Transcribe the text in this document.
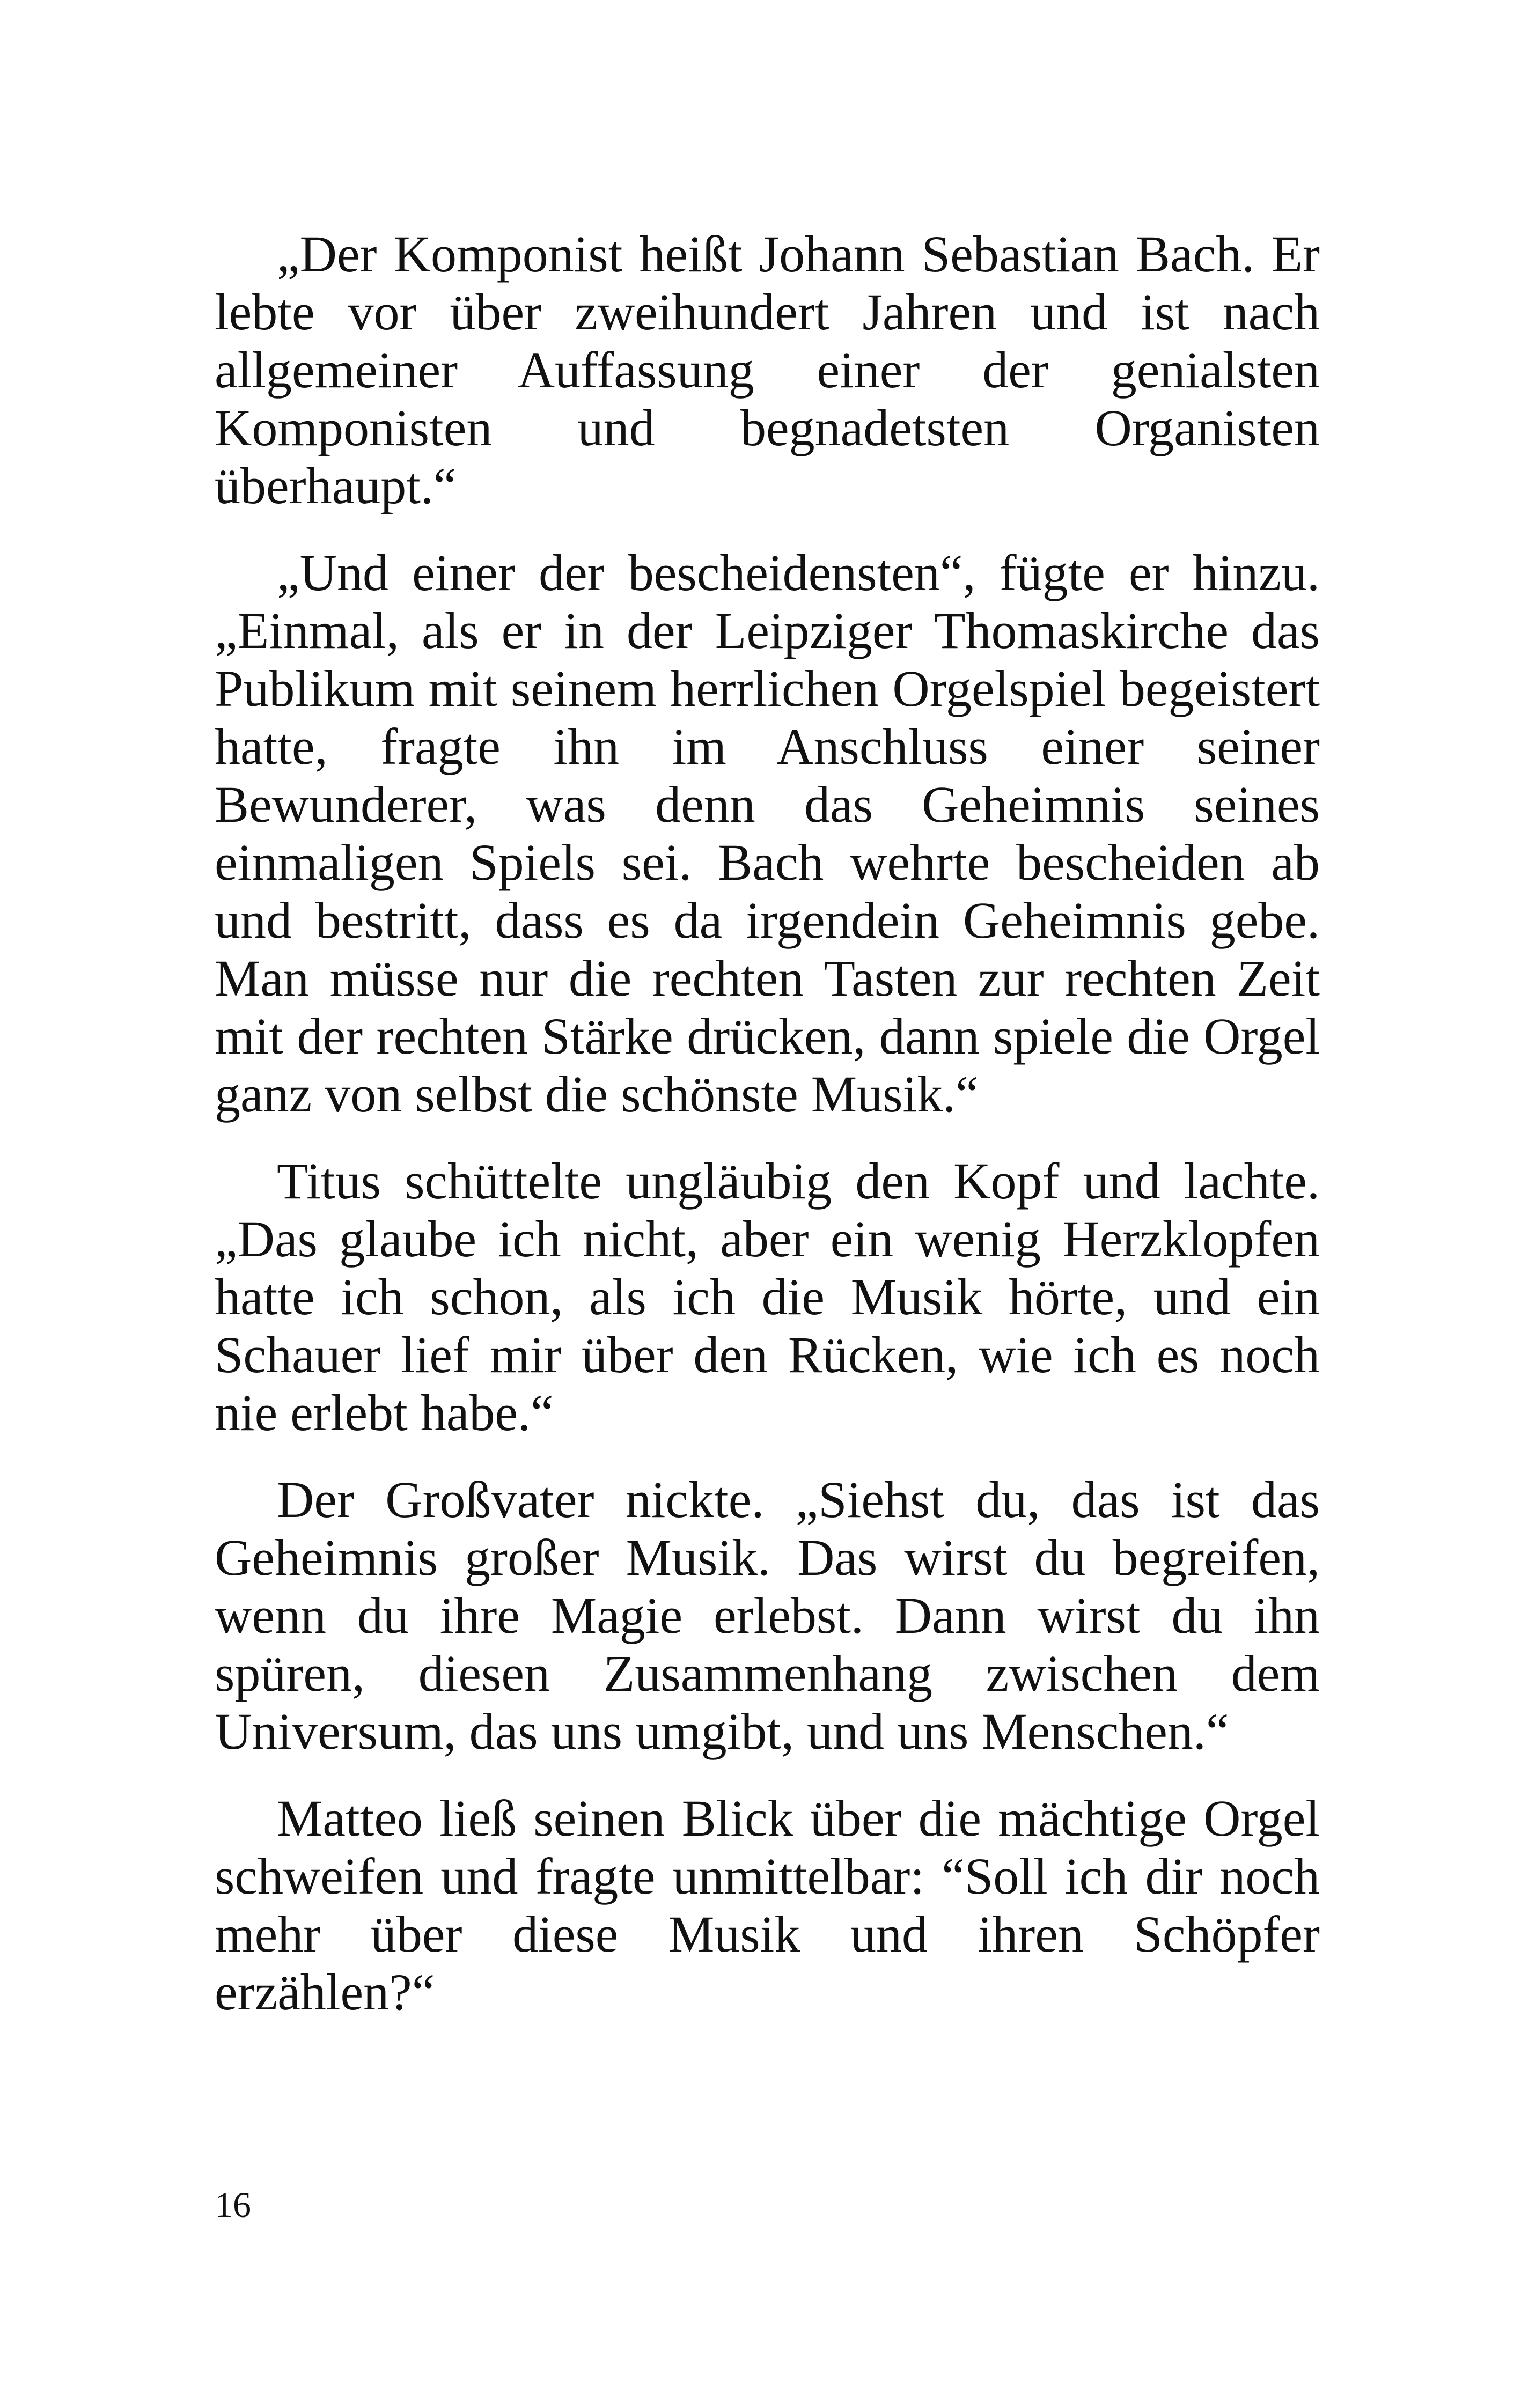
„Der Komponist heißt Johann Sebastian Bach. Er lebte vor über zweihundert Jahren und ist nach allgemeiner Auffassung einer der genialsten Komponisten und begnadetsten Organisten überhaupt.“

„Und einer der bescheidensten“, fügte er hinzu. „Einmal, als er in der Leipziger Thomaskirche das Publikum mit seinem herrlichen Orgelspiel begeistert hatte, fragte ihn im Anschluss einer seiner Bewunderer, was denn das Geheimnis seines einmaligen Spiels sei. Bach wehrte bescheiden ab und bestritt, dass es da irgendein Geheimnis gebe. Man müsse nur die rechten Tasten zur rechten Zeit mit der rechten Stärke drücken, dann spiele die Orgel ganz von selbst die schönste Musik.“

Titus schüttelte ungläubig den Kopf und lachte. „Das glaube ich nicht, aber ein wenig Herzklopfen hatte ich schon, als ich die Musik hörte, und ein Schauer lief mir über den Rücken, wie ich es noch nie erlebt habe.“

Der Großvater nickte. „Siehst du, das ist das Geheimnis großer Musik. Das wirst du begreifen, wenn du ihre Magie erlebst. Dann wirst du ihn spüren, diesen Zusammenhang zwischen dem Universum, das uns umgibt, und uns Menschen.“

Matteo ließ seinen Blick über die mächtige Orgel schweifen und fragte unmittelbar: “Soll ich dir noch mehr über diese Musik und ihren Schöpfer erzählen?“

16
